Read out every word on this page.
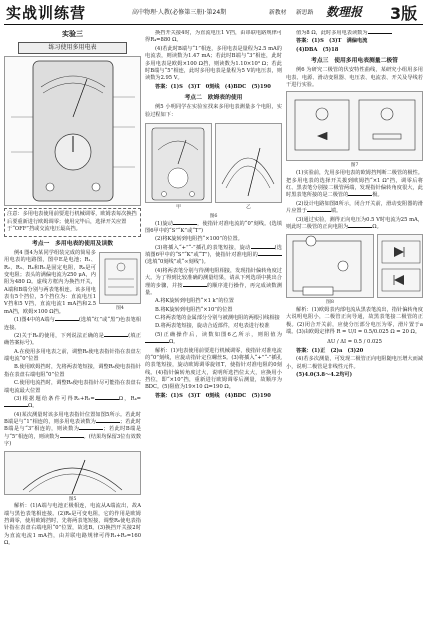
实战训练营	高中物理·人教(必修第三册)·第24期	新教材 新思路 数理报 3版
实验三
练习使用多用电表
注意：多用电表使用前要进行机械调零，欧姆表每次换挡后要重新进行欧姆调零；使用完毕后，选择开关应置于“OFF”挡或交流电压最高挡。
考点一　多用电表的使用及读数

例4 图4为某同学组装完成的简易多用电表的电路图，图中E是电池；R₁、R₂、R₃、R₄和R₅是固定电阻，R₆是可变电阻；表头的满偏电流为250 μA，内阻为480 Ω。虚线方框内为换挡开关，A端和B端分别与两表笔相连。该多用电表有5个挡位，5个挡位为：直流电压1 V挡和5 V挡，直流电流1 mA挡和2.5 mA挡，欧姆×100 Ω挡。

图4

(1)图4中的A端与	(选填“红”或“黑”)色表笔相连接。

(2)关于R₆的使用，下列说法正确的是	(填正确答案标号)。

A.在使用多用电表之前，调整R₆使电表指针指在表盘左端电流“0”位置

B.使用欧姆挡时，先将两表笔短接，调整R₆使电表指针指在表盘右端电阻“0”位置

C.使用电流挡时，调整R₆使电表指针尽可能指在表盘右端电流最大位置

(3)根据题给条件可得R₁+R₂=	Ω，R₄=Ω。

(4)某次测量时该多用电表指针位置如图5所示。若此时B端是与“1”相连的，则多用电表读数为	；若此时B端是与“3”相连的，则读数为	；若此时B端是与“5”相连的，则读数为	。(结果均保留3位有效数字)

图5

解析：(1)A端与电池正极相连，电流从A端流出，故A端与黑色表笔相连接。(2)R₆是可变电阻，它的作用是欧姆挡调零，使用欧姆挡时，先将两表笔短接，调整R₆使电表指针指在表盘右端电阻“0”位置，故选B。(3)换挡开关接2时为直流电流1 mA挡，由并联电路规律可得R₁+R₂=160 Ω。

换挡开关接4时，为直流电压1 V挡，由串联电路规律可得R₄=880 Ω。

(4)若此时B端与“1”相连，多用电表是量程为2.5 mA的电流表，则读数为1.47 mA；若此时B端与“3”相连，此时多用电表是欧姆×100 Ω挡，则读数为1.10×10³ Ω；若此时B端与“5”相连，此时多用电表是量程为5 V的电压表，则读数为2.95 V。

答案：(1)S　(3)T　0刻线　(4)BDC　(5)190

考点二　欧姆表的使用

例5 小明同学在实验室找来多用电表测量多个电阻，实验过程如下：

甲	乙
图6

(1)旋动	，使指针对准电流的“0”刻线。(选填图6甲中的“S”“K”或“T”)

(2)将K旋转到电阻挡“×100”的位置。

(3)将插入“+”“-”插孔的表笔短接，旋动	(选填图6甲中的“S”“K”或“T”)，使指针对准电阻的(选填“0刻线”或“∞刻线”)。

(4)将两表笔分别与待测电阻相接，发现指针偏转角度过大。为了得到比较准确的测量结果，请从下列选项中挑出合理的步骤，并按	的顺序进行操作，再完成读数测量。

A.将K旋转到电阻挡“×1 k”的位置

B.将K旋转到电阻挡“×10”的位置

C.将两表笔的金属部分分别与被测电阻的两根引线相接

D.将两表笔短接，旋动合适部件，对电表进行校准

(5)正确操作后，读数如图6乙所示，则阻值为Ω。

解析：(1)电表使用前要进行机械调零，使指针对准电流的“0”刻线，应旋动指针定位螺丝S。(3)将插入“+”“-”插孔的表笔短接，旋动欧姆调零旋钮T，使指针对准电阻的0刻线。(4)指针偏转角度过大，说明所选挡位太大，应换用小挡位，即“×10”挡，重新进行欧姆调零后测量，故顺序为BDC。(5)阻值为19×10 Ω=190 Ω。

答案：(1)S　(3)T　0刻线　(4)BDC　(5)190

值为8 Ω，此时多用电表读数为

答案：(1)S　(3)T　满偏电流

(4)DBA　(5)18

考点三　使用多用电表测量二极管

例6 为研究二极管的伏安特性曲线，某研究小组用多用电表、电源、滑动变阻器、电压表、电流表、开关及导线若干进行实验。

图7

(1)实验前，先用多用电表的欧姆挡判断二极管的极性。把多用电表的选择开关拨到欧姆挡“×1 Ω”挡，调零后将红、黑表笔分别接二极管两端，发现指针偏转角度很大，此时黑表笔所接的是二极管的	极。

(2)设计电路如图8所示，闭合开关前，滑动变阻器的滑片应置于	端。

(3)通过实验，测得正向电压为0.5 V时电流为25 mA，则此时二极管的正向电阻为	Ω。

图8

解析：(1)欧姆表内部电流从黑表笔流出，指针偏转角度大说明电阻小，二极管正向导通，故黑表笔接二极管的正极。(2)闭合开关前，应使分压部分电压为零，滑片置于a端。(3)由欧姆定律得 R = U/I = 0.5/0.025 Ω = 20 Ω。

ΔU / ΔI = 0.5 / 0.025

答案：(1)正　(2)a　(3)20

(4)若多次测量，可发现二极管正向电阻随电压增大而减小，说明二极管是非线性元件。

(5)4.0(3.8～4.2均可)
